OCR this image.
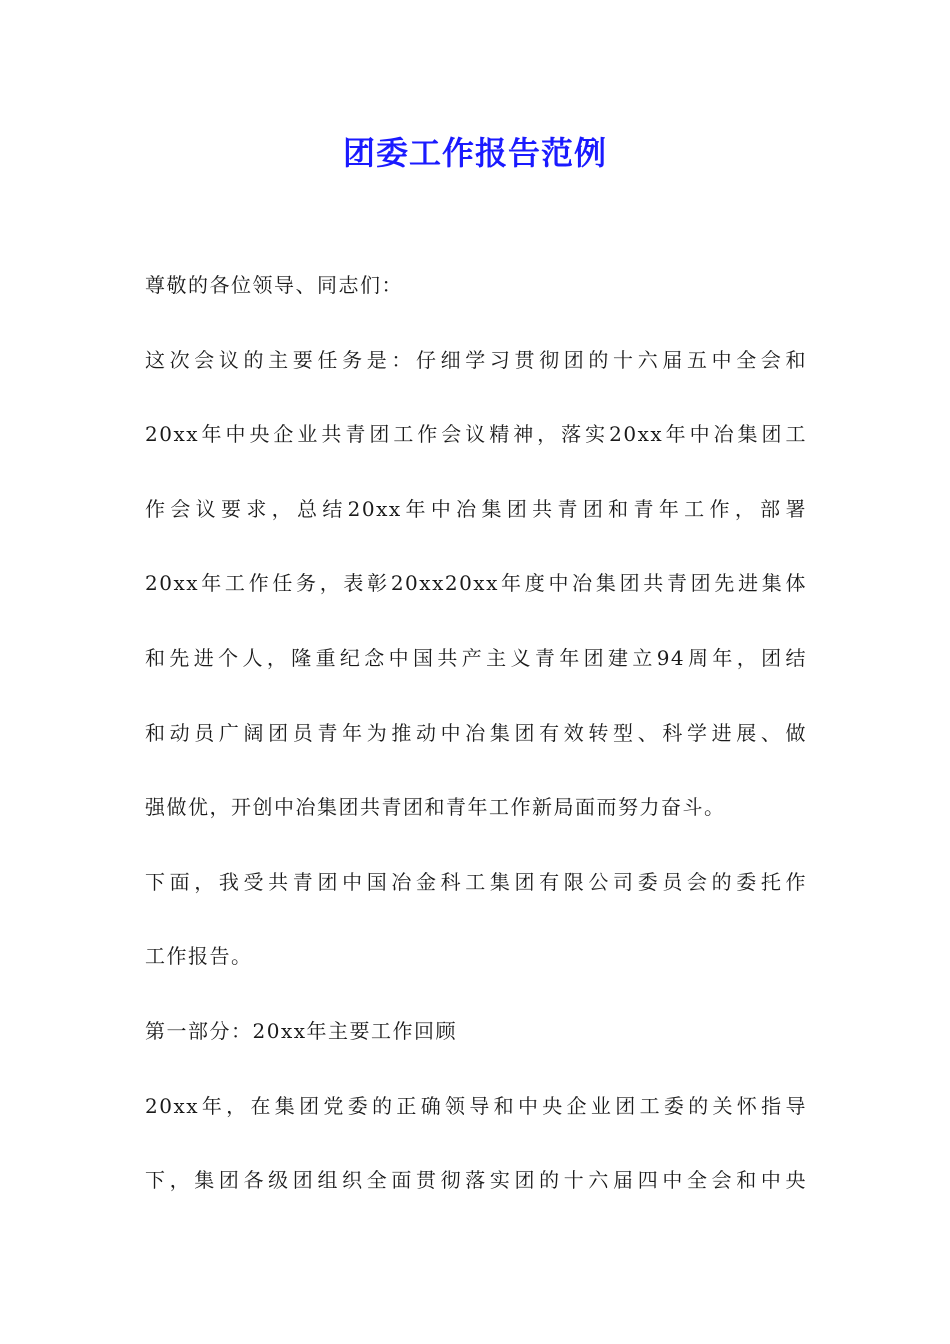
团委工作报告范例
尊敬的各位领导、同志们：
这次会议的主要任务是：仔细学习贯彻团的十六届五中全会和
20xx年中央企业共青团工作会议精神，落实20xx年中冶集团工
作会议要求，总结20xx年中冶集团共青团和青年工作，部署
20xx年工作任务，表彰20xx20xx年度中冶集团共青团先进集体
和先进个人，隆重纪念中国共产主义青年团建立94周年，团结
和动员广阔团员青年为推动中冶集团有效转型、科学进展、做
强做优，开创中冶集团共青团和青年工作新局面而努力奋斗。
下面，我受共青团中国冶金科工集团有限公司委员会的委托作
工作报告。
第一部分：20xx年主要工作回顾
20xx年，在集团党委的正确领导和中央企业团工委的关怀指导
下，集团各级团组织全面贯彻落实团的十六届四中全会和中央
